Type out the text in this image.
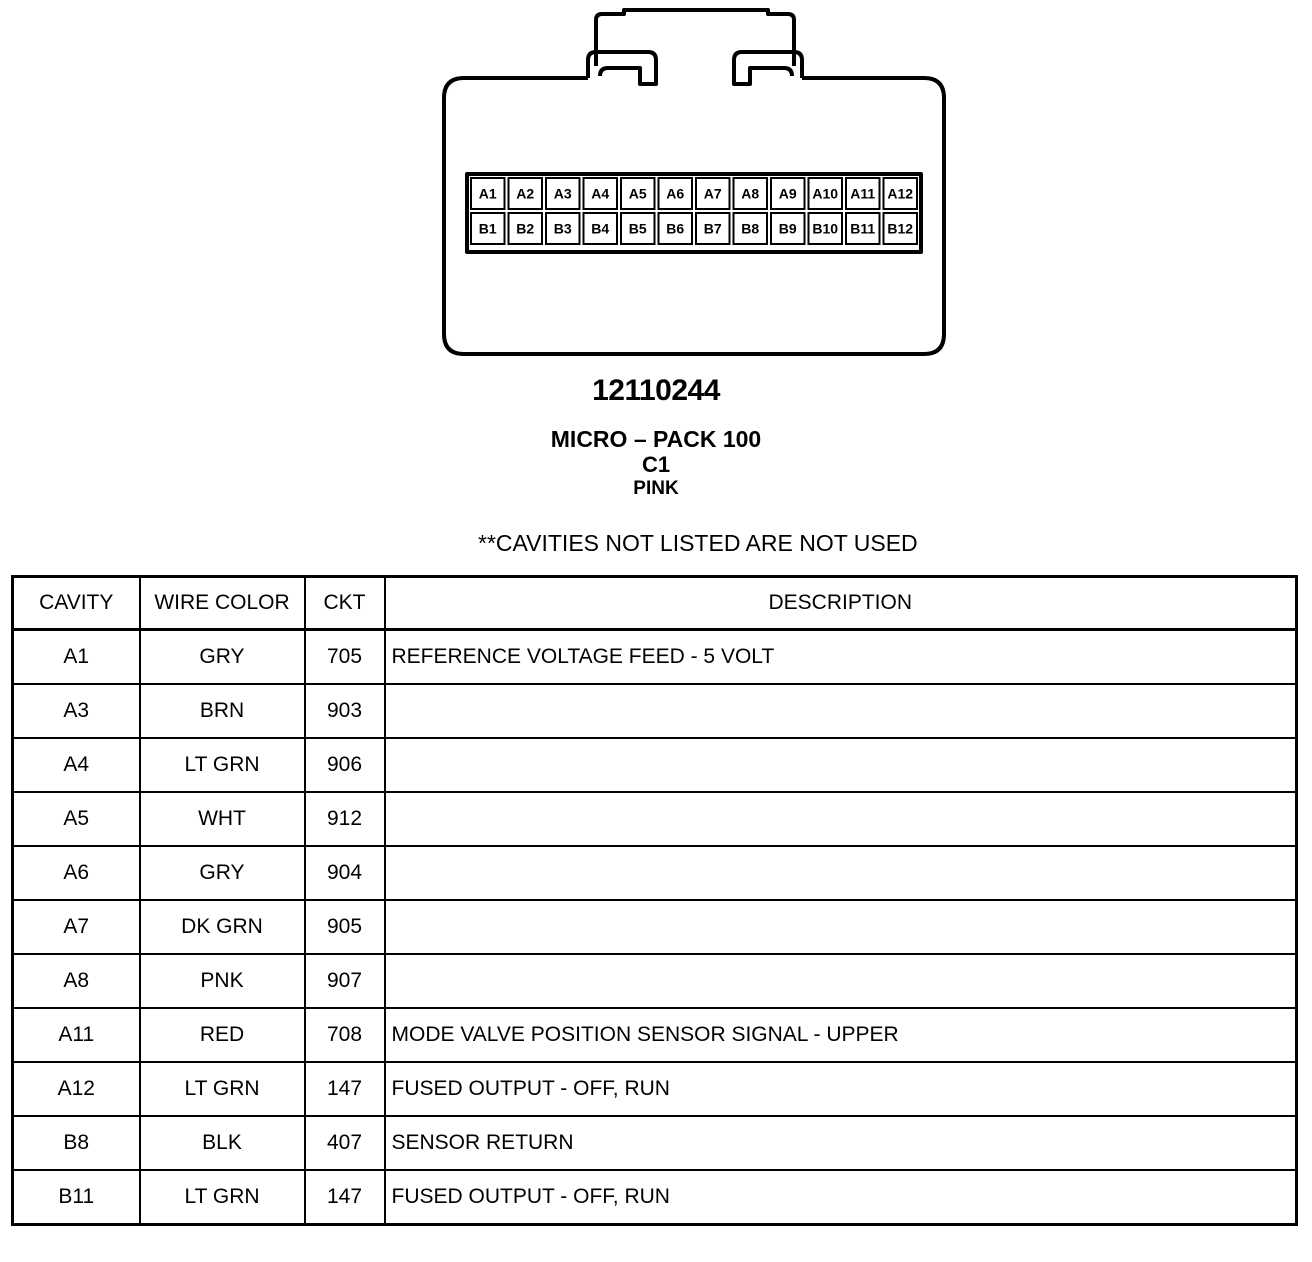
A1 A2 A3 A4 A5 A6 A7 A8 A9 A10 A11 A12
B1 B2 B3 B4 B5 B6 B7 B8 B9 B10 B11 B12
12110244
MICRO – PACK 100
C1
PINK
**CAVITIES NOT LISTED ARE NOT USED
CAVITY	WIRE COLOR	CKT	DESCRIPTION
A1	GRY	705	REFERENCE VOLTAGE FEED - 5 VOLT
A3	BRN	903	
A4	LT GRN	906	
A5	WHT	912	
A6	GRY	904	
A7	DK GRN	905	
A8	PNK	907	
A11	RED	708	MODE VALVE POSITION SENSOR SIGNAL - UPPER
A12	LT GRN	147	FUSED OUTPUT - OFF, RUN
B8	BLK	407	SENSOR RETURN
B11	LT GRN	147	FUSED OUTPUT - OFF, RUN
